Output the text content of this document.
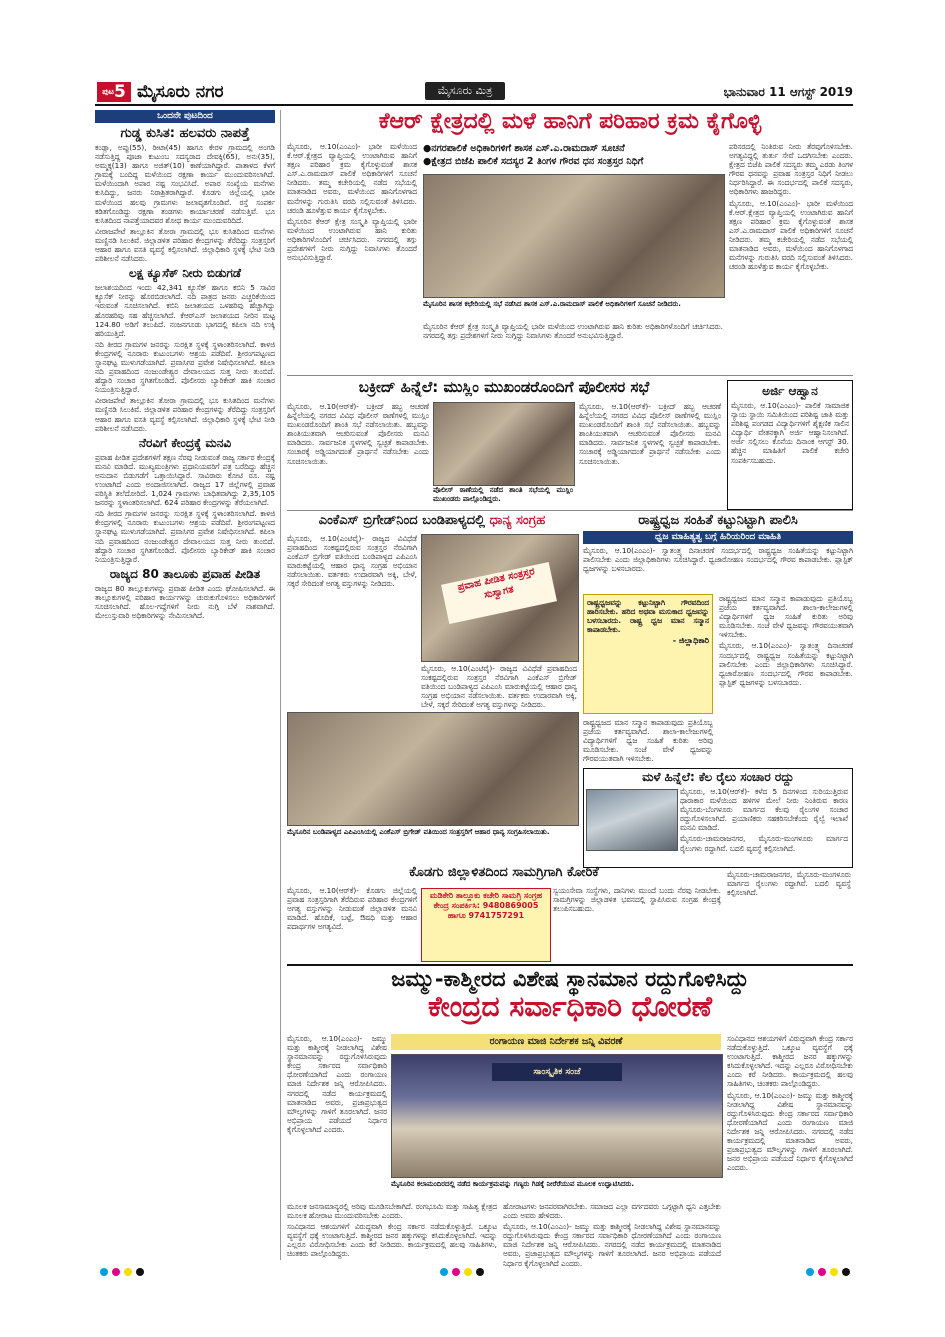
$^{ಪುಟ}$5 ಮೈಸೂರು ನಗರ	ಮೈಸೂರು ಮಿತ್ರ	ಭಾನುವಾರ 11 ಆಗಸ್ಟ್ 2019
ಒಂದನೇ ಪುಟದಿಂದ
ಗುಡ್ಡ ಕುಸಿತ: ಹಲವರು ನಾಪತ್ತೆ

ಕಂಡ್ಲಾ, ಅಪ್ಪು(55), ರೀಟಾ(45) ಹಾಗೂ ಕೇರಳ ಗ್ರಾಮದಲ್ಲಿ ಅಂಗಡಿ ನಡೆಸುತ್ತಿದ್ದ ಪೂಜಾ ಕುಟುಂಬ ಸದಸ್ಯರಾದ ದೇವಕ್ಕಿ(65), ಅನು(35), ಅಮ್ಮಕ್ಕ(13) ಹಾಗೂ ಅಜಿತ್(10) ಕಾಣೆಯಾಗಿದ್ದಾರೆ. ಪಾತಾಳದ ಕೆಳಗೆ ಗ್ರಾಮಕ್ಕೆ ಬಂದಿದ್ದ ಮಳೆಯಿಂದ ರಕ್ಷಣಾ ಕಾರ್ಯ ಮುಂದುವರಿಸಲಾಗಿದೆ. ಮಳೆಯಿಂದಾಗಿ ಅಪಾರ ನಷ್ಟ ಸಂಭವಿಸಿದೆ. ಅಪಾರ ಸಂಖ್ಯೆಯ ಮನೆಗಳು ಕುಸಿದಿದ್ದು, ಜನರು ನಿರಾಶ್ರಿತರಾಗಿದ್ದಾರೆ. ಕೊಡಗು ಜಿಲ್ಲೆಯಲ್ಲಿ ಭಾರೀ ಮಳೆಯಿಂದ ಹಲವು ಗ್ರಾಮಗಳು ಜಲಾವೃತಗೊಂಡಿವೆ. ರಸ್ತೆ ಸಂಪರ್ಕ ಕಡಿತಗೊಂಡಿದ್ದು ರಕ್ಷಣಾ ತಂಡಗಳು ಕಾರ್ಯಾಚರಣೆ ನಡೆಸುತ್ತಿವೆ. ಭೂ ಕುಸಿತದಿಂದ ನಾಪತ್ತೆಯಾದವರ ಶೋಧ ಕಾರ್ಯ ಮುಂದುವರಿದಿದೆ.

ವೀರಾಜಪೇಟೆ ತಾಲ್ಲೂಕಿನ ತೋರಾ ಗ್ರಾಮದಲ್ಲಿ ಭೂ ಕುಸಿತದಿಂದ ಮನೆಗಳು ಮಣ್ಣಿನಡಿ ಸಿಲುಕಿವೆ. ಜಿಲ್ಲಾಡಳಿತ ಪರಿಹಾರ ಕೇಂದ್ರಗಳನ್ನು ತೆರೆದಿದ್ದು ಸಂತ್ರಸ್ತರಿಗೆ ಆಹಾರ ಹಾಗೂ ವಸತಿ ವ್ಯವಸ್ಥೆ ಕಲ್ಪಿಸಲಾಗಿದೆ. ಜಿಲ್ಲಾಧಿಕಾರಿ ಸ್ಥಳಕ್ಕೆ ಭೇಟಿ ನೀಡಿ ಪರಿಶೀಲನೆ ನಡೆಸಿದರು.

ಲಕ್ಷ ಕ್ಯೂಸೆಕ್ ನೀರು ಬಿಡುಗಡೆ

ಜಲಾಶಯದಿಂದ ಇಂದು 42,341 ಕ್ಯೂಸೆಕ್ ಹಾಗೂ ಕಬಿನಿ 5 ಸಾವಿರ ಕ್ಯೂಸೆಕ್ ನೀರನ್ನು ಹೊರಬಿಡಲಾಗಿದೆ. ನದಿ ಪಾತ್ರದ ಜನರು ಎಚ್ಚರಿಕೆಯಿಂದ ಇರುವಂತೆ ಸೂಚಿಸಲಾಗಿದೆ. ಕಬಿನಿ ಜಲಾಶಯದ ಒಳಹರಿವು ಹೆಚ್ಚಾಗಿದ್ದು ಹೊರಹರಿವು ಸಹ ಹೆಚ್ಚಿಸಲಾಗಿದೆ. ಕೆಆರ್‌ಎಸ್ ಜಲಾಶಯದ ನೀರಿನ ಮಟ್ಟ 124.80 ಅಡಿಗೆ ತಲುಪಿದೆ. ನಂಜನಗೂಡು ಭಾಗದಲ್ಲಿ ಕಪಿಲಾ ನದಿ ಉಕ್ಕಿ ಹರಿಯುತ್ತಿದೆ.

ನದಿ ತೀರದ ಗ್ರಾಮಗಳ ಜನರನ್ನು ಸುರಕ್ಷಿತ ಸ್ಥಳಕ್ಕೆ ಸ್ಥಳಾಂತರಿಸಲಾಗಿದೆ. ಕಾಳಜಿ ಕೇಂದ್ರಗಳಲ್ಲಿ ನೂರಾರು ಕುಟುಂಬಗಳು ಆಶ್ರಯ ಪಡೆದಿವೆ. ಶ್ರೀರಂಗಪಟ್ಟಣದ ಸ್ನಾನಘಟ್ಟ ಮುಳುಗಡೆಯಾಗಿದೆ. ಪ್ರವಾಸಿಗರ ಪ್ರವೇಶ ನಿಷೇಧಿಸಲಾಗಿದೆ. ಕಪಿಲಾ ನದಿ ಪ್ರವಾಹದಿಂದ ನಂಜುಂಡೇಶ್ವರ ದೇವಾಲಯದ ಸುತ್ತ ನೀರು ತುಂಬಿದೆ. ಹೆದ್ದಾರಿ ಸಂಚಾರ ಸ್ಥಗಿತಗೊಂಡಿದೆ. ಪೊಲೀಸರು ಬ್ಯಾರಿಕೇಡ್ ಹಾಕಿ ಸಂಚಾರ ನಿಯಂತ್ರಿಸುತ್ತಿದ್ದಾರೆ.

ವೀರಾಜಪೇಟೆ ತಾಲ್ಲೂಕಿನ ತೋರಾ ಗ್ರಾಮದಲ್ಲಿ ಭೂ ಕುಸಿತದಿಂದ ಮನೆಗಳು ಮಣ್ಣಿನಡಿ ಸಿಲುಕಿವೆ. ಜಿಲ್ಲಾಡಳಿತ ಪರಿಹಾರ ಕೇಂದ್ರಗಳನ್ನು ತೆರೆದಿದ್ದು ಸಂತ್ರಸ್ತರಿಗೆ ಆಹಾರ ಹಾಗೂ ವಸತಿ ವ್ಯವಸ್ಥೆ ಕಲ್ಪಿಸಲಾಗಿದೆ. ಜಿಲ್ಲಾಧಿಕಾರಿ ಸ್ಥಳಕ್ಕೆ ಭೇಟಿ ನೀಡಿ ಪರಿಶೀಲನೆ ನಡೆಸಿದರು.

ನೆರವಿಗೆ ಕೇಂದ್ರಕ್ಕೆ ಮನವಿ

ಪ್ರವಾಹ ಪೀಡಿತ ಪ್ರದೇಶಗಳಿಗೆ ತಕ್ಷಣ ನೆರವು ನೀಡುವಂತೆ ರಾಜ್ಯ ಸರ್ಕಾರ ಕೇಂದ್ರಕ್ಕೆ ಮನವಿ ಮಾಡಿದೆ. ಮುಖ್ಯಮಂತ್ರಿಗಳು ಪ್ರಧಾನಿಯವರಿಗೆ ಪತ್ರ ಬರೆದಿದ್ದು ಹೆಚ್ಚಿನ ಅನುದಾನ ಬಿಡುಗಡೆಗೆ ಒತ್ತಾಯಿಸಿದ್ದಾರೆ. ಸಾವಿರಾರು ಕೋಟಿ ರೂ. ನಷ್ಟ ಉಂಟಾಗಿದೆ ಎಂದು ಅಂದಾಜಿಸಲಾಗಿದೆ. ರಾಜ್ಯದ 17 ಜಿಲ್ಲೆಗಳಲ್ಲಿ ಪ್ರವಾಹ ಪರಿಸ್ಥಿತಿ ತಲೆದೋರಿದೆ. 1,024 ಗ್ರಾಮಗಳು ಬಾಧಿತವಾಗಿದ್ದು 2,35,105 ಜನರನ್ನು ಸ್ಥಳಾಂತರಿಸಲಾಗಿದೆ. 624 ಪರಿಹಾರ ಕೇಂದ್ರಗಳನ್ನು ತೆರೆಯಲಾಗಿದೆ.

ನದಿ ತೀರದ ಗ್ರಾಮಗಳ ಜನರನ್ನು ಸುರಕ್ಷಿತ ಸ್ಥಳಕ್ಕೆ ಸ್ಥಳಾಂತರಿಸಲಾಗಿದೆ. ಕಾಳಜಿ ಕೇಂದ್ರಗಳಲ್ಲಿ ನೂರಾರು ಕುಟುಂಬಗಳು ಆಶ್ರಯ ಪಡೆದಿವೆ. ಶ್ರೀರಂಗಪಟ್ಟಣದ ಸ್ನಾನಘಟ್ಟ ಮುಳುಗಡೆಯಾಗಿದೆ. ಪ್ರವಾಸಿಗರ ಪ್ರವೇಶ ನಿಷೇಧಿಸಲಾಗಿದೆ. ಕಪಿಲಾ ನದಿ ಪ್ರವಾಹದಿಂದ ನಂಜುಂಡೇಶ್ವರ ದೇವಾಲಯದ ಸುತ್ತ ನೀರು ತುಂಬಿದೆ. ಹೆದ್ದಾರಿ ಸಂಚಾರ ಸ್ಥಗಿತಗೊಂಡಿದೆ. ಪೊಲೀಸರು ಬ್ಯಾರಿಕೇಡ್ ಹಾಕಿ ಸಂಚಾರ ನಿಯಂತ್ರಿಸುತ್ತಿದ್ದಾರೆ.

ರಾಜ್ಯದ 80 ತಾಲೂಕು ಪ್ರವಾಹ ಪೀಡಿತ

ರಾಜ್ಯದ 80 ತಾಲ್ಲೂಕುಗಳನ್ನು ಪ್ರವಾಹ ಪೀಡಿತ ಎಂದು ಘೋಷಿಸಲಾಗಿದೆ. ಈ ತಾಲ್ಲೂಕುಗಳಲ್ಲಿ ಪರಿಹಾರ ಕಾರ್ಯಗಳನ್ನು ಚುರುಕುಗೊಳಿಸಲು ಅಧಿಕಾರಿಗಳಿಗೆ ಸೂಚಿಸಲಾಗಿದೆ. ಹೊಲ-ಗದ್ದೆಗಳಿಗೆ ನೀರು ನುಗ್ಗಿ ಬೆಳೆ ನಾಶವಾಗಿದೆ. ಮೇಲುಸ್ತುವಾರಿ ಅಧಿಕಾರಿಗಳನ್ನು ನೇಮಿಸಲಾಗಿದೆ.

ಕೆಆರ್ ಕ್ಷೇತ್ರದಲ್ಲಿ ಮಳೆ ಹಾನಿಗೆ ಪರಿಹಾರ ಕ್ರಮ ಕೈಗೊಳ್ಳಿ

ಮೈಸೂರು, ಆ.10(ಎಂಎಂ)- ಭಾರೀ ಮಳೆಯಿಂದ ಕೆ.ಆರ್.ಕ್ಷೇತ್ರದ ವ್ಯಾಪ್ತಿಯಲ್ಲಿ ಉಂಟಾಗಿರುವ ಹಾನಿಗೆ ತಕ್ಷಣ ಪರಿಹಾರ ಕ್ರಮ ಕೈಗೊಳ್ಳುವಂತೆ ಶಾಸಕ ಎಸ್.ಎ.ರಾಮದಾಸ್ ಪಾಲಿಕೆ ಅಧಿಕಾರಿಗಳಿಗೆ ಸೂಚನೆ ನೀಡಿದರು. ತಮ್ಮ ಕಚೇರಿಯಲ್ಲಿ ನಡೆದ ಸಭೆಯಲ್ಲಿ ಮಾತನಾಡಿದ ಅವರು, ಮಳೆಯಿಂದ ಹಾನಿಗೊಳಗಾದ ಮನೆಗಳನ್ನು ಗುರುತಿಸಿ ವರದಿ ಸಲ್ಲಿಸುವಂತೆ ತಿಳಿಸಿದರು. ಚರಂಡಿ ಹೂಳೆತ್ತುವ ಕಾರ್ಯ ಕೈಗೊಳ್ಳಬೇಕು.

ಮೈಸೂರಿನ ಕೆಆರ್ ಕ್ಷೇತ್ರ ಸಂಸ್ಕೃತಿ ವ್ಯಾಪ್ತಿಯಲ್ಲಿ ಭಾರೀ ಮಳೆಯಿಂದ ಉಂಟಾಗಿರುವ ಹಾನಿ ಕುರಿತು ಅಧಿಕಾರಿಗಳೊಂದಿಗೆ ಚರ್ಚಿಸಿದರು. ನಗರದಲ್ಲಿ ತಗ್ಗು ಪ್ರದೇಶಗಳಿಗೆ ನೀರು ನುಗ್ಗಿದ್ದು ನಿವಾಸಿಗಳು ತೊಂದರೆ ಅನುಭವಿಸುತ್ತಿದ್ದಾರೆ.

●ನಗರಪಾಲಿಕೆ ಅಧಿಕಾರಿಗಳಿಗೆ ಶಾಸಕ ಎಸ್.ಎ.ರಾಮದಾಸ್ ಸೂಚನೆ
●ಕ್ಷೇತ್ರದ ಬಿಜೆಪಿ ಪಾಲಿಕೆ ಸದಸ್ಯರ 2 ತಿಂಗಳ ಗೌರವ ಧನ ಸಂತ್ರಸ್ತರ ನಿಧಿಗೆ
ಮೈಸೂರಿನ ಶಾಸಕ ಕಛೇರಿಯಲ್ಲಿ ಸಭೆ ನಡೆಸಿದ ಶಾಸಕ ಎಸ್.ಎ.ರಾಮದಾಸ್ ಪಾಲಿಕೆ ಅಧಿಕಾರಿಗಳಿಗೆ ಸೂಚನೆ ನೀಡಿದರು.

ಮೈಸೂರಿನ ಕೆಆರ್ ಕ್ಷೇತ್ರ ಸಂಸ್ಕೃತಿ ವ್ಯಾಪ್ತಿಯಲ್ಲಿ ಭಾರೀ ಮಳೆಯಿಂದ ಉಂಟಾಗಿರುವ ಹಾನಿ ಕುರಿತು ಅಧಿಕಾರಿಗಳೊಂದಿಗೆ ಚರ್ಚಿಸಿದರು. ನಗರದಲ್ಲಿ ತಗ್ಗು ಪ್ರದೇಶಗಳಿಗೆ ನೀರು ನುಗ್ಗಿದ್ದು ನಿವಾಸಿಗಳು ತೊಂದರೆ ಅನುಭವಿಸುತ್ತಿದ್ದಾರೆ.

ಪರಿಸರದಲ್ಲಿ ನಿಂತಿರುವ ನೀರು ತೆರವುಗೊಳಿಸಬೇಕು. ಅಗತ್ಯವಿದ್ದಲ್ಲಿ ತುರ್ತು ಸೇವೆ ಒದಗಿಸಬೇಕು ಎಂದರು. ಕ್ಷೇತ್ರದ ಬಿಜೆಪಿ ಪಾಲಿಕೆ ಸದಸ್ಯರು ತಮ್ಮ ಎರಡು ತಿಂಗಳ ಗೌರವ ಧನವನ್ನು ಪ್ರವಾಹ ಸಂತ್ರಸ್ತರ ನಿಧಿಗೆ ನೀಡಲು ನಿರ್ಧರಿಸಿದ್ದಾರೆ. ಈ ಸಂದರ್ಭದಲ್ಲಿ ಪಾಲಿಕೆ ಸದಸ್ಯರು, ಅಧಿಕಾರಿಗಳು ಹಾಜರಿದ್ದರು.

ಮೈಸೂರು, ಆ.10(ಎಂಎಂ)- ಭಾರೀ ಮಳೆಯಿಂದ ಕೆ.ಆರ್.ಕ್ಷೇತ್ರದ ವ್ಯಾಪ್ತಿಯಲ್ಲಿ ಉಂಟಾಗಿರುವ ಹಾನಿಗೆ ತಕ್ಷಣ ಪರಿಹಾರ ಕ್ರಮ ಕೈಗೊಳ್ಳುವಂತೆ ಶಾಸಕ ಎಸ್.ಎ.ರಾಮದಾಸ್ ಪಾಲಿಕೆ ಅಧಿಕಾರಿಗಳಿಗೆ ಸೂಚನೆ ನೀಡಿದರು. ತಮ್ಮ ಕಚೇರಿಯಲ್ಲಿ ನಡೆದ ಸಭೆಯಲ್ಲಿ ಮಾತನಾಡಿದ ಅವರು, ಮಳೆಯಿಂದ ಹಾನಿಗೊಳಗಾದ ಮನೆಗಳನ್ನು ಗುರುತಿಸಿ ವರದಿ ಸಲ್ಲಿಸುವಂತೆ ತಿಳಿಸಿದರು. ಚರಂಡಿ ಹೂಳೆತ್ತುವ ಕಾರ್ಯ ಕೈಗೊಳ್ಳಬೇಕು.

ಅರ್ಜಿ ಆಹ್ವಾನ

ಮೈಸೂರು, ಆ.10(ಎಂಎಂ)- ಪಾಲಿಕೆ ಸಾಮಾಜಿಕ ನ್ಯಾಯ ಸ್ಥಾಯಿ ಸಮಿತಿಯಿಂದ ಪರಿಶಿಷ್ಟ ಜಾತಿ ಮತ್ತು ಪರಿಶಿಷ್ಟ ಪಂಗಡದ ವಿದ್ಯಾರ್ಥಿಗಳಿಗೆ ಶೈಕ್ಷಣಿಕ ಸಾಲಿನ ವಿದ್ಯಾರ್ಥಿ ವೇತನಕ್ಕಾಗಿ ಅರ್ಜಿ ಆಹ್ವಾನಿಸಲಾಗಿದೆ. ಅರ್ಜಿ ಸಲ್ಲಿಸಲು ಕೊನೆಯ ದಿನಾಂಕ ಆಗಸ್ಟ್ 30. ಹೆಚ್ಚಿನ ಮಾಹಿತಿಗೆ ಪಾಲಿಕೆ ಕಚೇರಿ ಸಂಪರ್ಕಿಸಬಹುದು.

ಬಕ್ರೀದ್ ಹಿನ್ನೆಲೆ: ಮುಸ್ಲಿಂ ಮುಖಂಡರೊಂದಿಗೆ ಪೊಲೀಸರ ಸಭೆ

ಮೈಸೂರು, ಆ.10(ಆರ್‌ಕೆ)- ಬಕ್ರೀದ್ ಹಬ್ಬ ಆಚರಣೆ ಹಿನ್ನೆಲೆಯಲ್ಲಿ ನಗರದ ವಿವಿಧ ಪೊಲೀಸ್ ಠಾಣೆಗಳಲ್ಲಿ ಮುಸ್ಲಿಂ ಮುಖಂಡರೊಂದಿಗೆ ಶಾಂತಿ ಸಭೆ ನಡೆಸಲಾಯಿತು. ಹಬ್ಬವನ್ನು ಶಾಂತಿಯುತವಾಗಿ ಆಚರಿಸುವಂತೆ ಪೊಲೀಸರು ಮನವಿ ಮಾಡಿದರು. ಸಾರ್ವಜನಿಕ ಸ್ಥಳಗಳಲ್ಲಿ ಸ್ವಚ್ಛತೆ ಕಾಪಾಡಬೇಕು. ಸಂಚಾರಕ್ಕೆ ಅಡ್ಡಿಯಾಗದಂತೆ ಪ್ರಾರ್ಥನೆ ನಡೆಸಬೇಕು ಎಂದು ಸೂಚಿಸಲಾಯಿತು.

ಪೊಲೀಸ್ ಠಾಣೆಯಲ್ಲಿ ನಡೆದ ಶಾಂತಿ ಸಭೆಯಲ್ಲಿ ಮುಸ್ಲಿಂ ಮುಖಂಡರು ಪಾಲ್ಗೊಂಡಿದ್ದರು.

ಮೈಸೂರು, ಆ.10(ಆರ್‌ಕೆ)- ಬಕ್ರೀದ್ ಹಬ್ಬ ಆಚರಣೆ ಹಿನ್ನೆಲೆಯಲ್ಲಿ ನಗರದ ವಿವಿಧ ಪೊಲೀಸ್ ಠಾಣೆಗಳಲ್ಲಿ ಮುಸ್ಲಿಂ ಮುಖಂಡರೊಂದಿಗೆ ಶಾಂತಿ ಸಭೆ ನಡೆಸಲಾಯಿತು. ಹಬ್ಬವನ್ನು ಶಾಂತಿಯುತವಾಗಿ ಆಚರಿಸುವಂತೆ ಪೊಲೀಸರು ಮನವಿ ಮಾಡಿದರು. ಸಾರ್ವಜನಿಕ ಸ್ಥಳಗಳಲ್ಲಿ ಸ್ವಚ್ಛತೆ ಕಾಪಾಡಬೇಕು. ಸಂಚಾರಕ್ಕೆ ಅಡ್ಡಿಯಾಗದಂತೆ ಪ್ರಾರ್ಥನೆ ನಡೆಸಬೇಕು ಎಂದು ಸೂಚಿಸಲಾಯಿತು.

ಎಂಕೆಎಸ್ ಬ್ರಿಗೇಡ್‌ನಿಂದ ಬಂಡಿಪಾಳ್ಯದಲ್ಲಿ ಧಾನ್ಯ ಸಂಗ್ರಹ

ಮೈಸೂರು, ಆ.10(ಎಂಟಿವೈ)- ರಾಜ್ಯದ ವಿವಿಧೆಡೆ ಪ್ರವಾಹದಿಂದ ಸಂಕಷ್ಟದಲ್ಲಿರುವ ಸಂತ್ರಸ್ತರ ನೆರವಿಗಾಗಿ ಎಂಕೆಎಸ್ ಬ್ರಿಗೇಡ್ ವತಿಯಿಂದ ಬಂಡಿಪಾಳ್ಯದ ಎಪಿಎಂಸಿ ಮಾರುಕಟ್ಟೆಯಲ್ಲಿ ಆಹಾರ ಧಾನ್ಯ ಸಂಗ್ರಹ ಅಭಿಯಾನ ನಡೆಸಲಾಯಿತು. ವರ್ತಕರು ಉದಾರವಾಗಿ ಅಕ್ಕಿ, ಬೇಳೆ, ಸಕ್ಕರೆ ಸೇರಿದಂತೆ ಅಗತ್ಯ ವಸ್ತುಗಳನ್ನು ನೀಡಿದರು.	ಪ್ರವಾಹ ಪೀಡಿತ ಸಂತ್ರಸ್ತರ ಸುಸ್ವಾಗತ

ಮೈಸೂರು, ಆ.10(ಎಂಟಿವೈ)- ರಾಜ್ಯದ ವಿವಿಧೆಡೆ ಪ್ರವಾಹದಿಂದ ಸಂಕಷ್ಟದಲ್ಲಿರುವ ಸಂತ್ರಸ್ತರ ನೆರವಿಗಾಗಿ ಎಂಕೆಎಸ್ ಬ್ರಿಗೇಡ್ ವತಿಯಿಂದ ಬಂಡಿಪಾಳ್ಯದ ಎಪಿಎಂಸಿ ಮಾರುಕಟ್ಟೆಯಲ್ಲಿ ಆಹಾರ ಧಾನ್ಯ ಸಂಗ್ರಹ ಅಭಿಯಾನ ನಡೆಸಲಾಯಿತು. ವರ್ತಕರು ಉದಾರವಾಗಿ ಅಕ್ಕಿ, ಬೇಳೆ, ಸಕ್ಕರೆ ಸೇರಿದಂತೆ ಅಗತ್ಯ ವಸ್ತುಗಳನ್ನು ನೀಡಿದರು.

ಮೈಸೂರಿನ ಬಂಡಿಪಾಳ್ಯದ ಎಪಿಎಂಸಿಯಲ್ಲಿ ಎಂಕೆಎಸ್ ಬ್ರಿಗೇಡ್ ವತಿಯಿಂದ ಸಂತ್ರಸ್ತರಿಗೆ ಆಹಾರ ಧಾನ್ಯ ಸಂಗ್ರಹಿಸಲಾಯಿತು.
ರಾಷ್ಟ್ರಧ್ವಜ ಸಂಹಿತೆ ಕಟ್ಟುನಿಟ್ಟಾಗಿ ಪಾಲಿಸಿ
ಧ್ವಜ ಮಾಹಿತ್ಯತ್ವ ಬಗ್ಗೆ ಹಿರಿಯರಿಂದ ಮಾಹಿತಿ

ಮೈಸೂರು, ಆ.10(ಎಂಎಂ)- ಸ್ವಾತಂತ್ರ್ಯ ದಿನಾಚರಣೆ ಸಂದರ್ಭದಲ್ಲಿ ರಾಷ್ಟ್ರಧ್ವಜ ಸಂಹಿತೆಯನ್ನು ಕಟ್ಟುನಿಟ್ಟಾಗಿ ಪಾಲಿಸಬೇಕು ಎಂದು ಜಿಲ್ಲಾಧಿಕಾರಿಗಳು ಸೂಚಿಸಿದ್ದಾರೆ. ಧ್ವಜಾರೋಹಣ ಸಂದರ್ಭದಲ್ಲಿ ಗೌರವ ಕಾಪಾಡಬೇಕು. ಪ್ಲಾಸ್ಟಿಕ್ ಧ್ವಜಗಳನ್ನು ಬಳಸಬಾರದು.

ರಾಷ್ಟ್ರಧ್ವಜವನ್ನು ಕಟ್ಟುನಿಟ್ಟಾಗಿ ಗೌರವದಿಂದ ಹಾರಿಸಬೇಕು. ಹರಿದ ಅಥವಾ ಮಸುಕಾದ ಧ್ವಜವನ್ನು ಬಳಸಬಾರದು. ರಾಷ್ಟ್ರ ಧ್ವಜ ಮಾನ ಸನ್ಮಾನ ಕಾಪಾಡಬೇಕು.

- ಜಿಲ್ಲಾಧಿಕಾರಿ

ರಾಷ್ಟ್ರಧ್ವಜದ ಮಾನ ಸನ್ಮಾನ ಕಾಪಾಡುವುದು ಪ್ರತಿಯೊಬ್ಬ ಪ್ರಜೆಯ ಕರ್ತವ್ಯವಾಗಿದೆ. ಶಾಲಾ-ಕಾಲೇಜುಗಳಲ್ಲಿ ವಿದ್ಯಾರ್ಥಿಗಳಿಗೆ ಧ್ವಜ ಸಂಹಿತೆ ಕುರಿತು ಅರಿವು ಮೂಡಿಸಬೇಕು. ಸಂಜೆ ವೇಳೆ ಧ್ವಜವನ್ನು ಗೌರವಯುತವಾಗಿ ಇಳಿಸಬೇಕು.

ಮೈಸೂರು, ಆ.10(ಎಂಎಂ)- ಸ್ವಾತಂತ್ರ್ಯ ದಿನಾಚರಣೆ ಸಂದರ್ಭದಲ್ಲಿ ರಾಷ್ಟ್ರಧ್ವಜ ಸಂಹಿತೆಯನ್ನು ಕಟ್ಟುನಿಟ್ಟಾಗಿ ಪಾಲಿಸಬೇಕು ಎಂದು ಜಿಲ್ಲಾಧಿಕಾರಿಗಳು ಸೂಚಿಸಿದ್ದಾರೆ. ಧ್ವಜಾರೋಹಣ ಸಂದರ್ಭದಲ್ಲಿ ಗೌರವ ಕಾಪಾಡಬೇಕು. ಪ್ಲಾಸ್ಟಿಕ್ ಧ್ವಜಗಳನ್ನು ಬಳಸಬಾರದು.

ರಾಷ್ಟ್ರಧ್ವಜದ ಮಾನ ಸನ್ಮಾನ ಕಾಪಾಡುವುದು ಪ್ರತಿಯೊಬ್ಬ ಪ್ರಜೆಯ ಕರ್ತವ್ಯವಾಗಿದೆ. ಶಾಲಾ-ಕಾಲೇಜುಗಳಲ್ಲಿ ವಿದ್ಯಾರ್ಥಿಗಳಿಗೆ ಧ್ವಜ ಸಂಹಿತೆ ಕುರಿತು ಅರಿವು ಮೂಡಿಸಬೇಕು. ಸಂಜೆ ವೇಳೆ ಧ್ವಜವನ್ನು ಗೌರವಯುತವಾಗಿ ಇಳಿಸಬೇಕು.

ಮಳೆ ಹಿನ್ನೆಲೆ: ಕೆಲ ರೈಲು ಸಂಚಾರ ರದ್ದು

ಮೈಸೂರು, ಆ.10(ಆರ್‌ಕೆ)- ಕಳೆದ 5 ದಿನಗಳಿಂದ ಸುರಿಯುತ್ತಿರುವ ಧಾರಾಕಾರ ಮಳೆಯಿಂದ ಹಳಿಗಳ ಮೇಲೆ ನೀರು ನಿಂತಿರುವ ಕಾರಣ ಮೈಸೂರು-ಬೆಂಗಳೂರು ಮಾರ್ಗದ ಕೆಲವು ರೈಲುಗಳ ಸಂಚಾರ ರದ್ದುಗೊಳಿಸಲಾಗಿದೆ. ಪ್ರಯಾಣಿಕರು ಸಹಕರಿಸಬೇಕೆಂದು ರೈಲ್ವೆ ಇಲಾಖೆ ಮನವಿ ಮಾಡಿದೆ.

ಮೈಸೂರು-ಚಾಮರಾಜನಗರ, ಮೈಸೂರು-ಮಂಗಳೂರು ಮಾರ್ಗದ ರೈಲುಗಳು ರದ್ದಾಗಿವೆ. ಬದಲಿ ವ್ಯವಸ್ಥೆ ಕಲ್ಪಿಸಲಾಗಿದೆ.

ಕೊಡಗು ಜಿಲ್ಲಾಳಿತದಿಂದ ಸಾಮಗ್ರಿಗಾಗಿ ಕೋರಿಕೆ

ಮೈಸೂರು, ಆ.10(ಆರ್‌ಕೆ)- ಕೊಡಗು ಜಿಲ್ಲೆಯಲ್ಲಿ ಪ್ರವಾಹ ಸಂತ್ರಸ್ತರಿಗಾಗಿ ತೆರೆದಿರುವ ಪರಿಹಾರ ಕೇಂದ್ರಗಳಿಗೆ ಅಗತ್ಯ ವಸ್ತುಗಳನ್ನು ನೀಡುವಂತೆ ಜಿಲ್ಲಾಡಳಿತ ಮನವಿ ಮಾಡಿದೆ. ಹೊದಿಕೆ, ಬಟ್ಟೆ, ಔಷಧಿ ಮತ್ತು ಆಹಾರ ಪದಾರ್ಥಗಳ ಅಗತ್ಯವಿದೆ.

ಮಡಿಕೇರಿ ತಾಲ್ಲೂಕು ಕಚೇರಿ ಸಾಮಗ್ರಿ ಸಂಗ್ರಹ ಕೇಂದ್ರ ಸಂಪರ್ಕಿಸಿ: 9480869005 ಹಾಗೂ 9741757291

ಸ್ವಯಂಸೇವಾ ಸಂಸ್ಥೆಗಳು, ದಾನಿಗಳು ಮುಂದೆ ಬಂದು ನೆರವು ನೀಡಬೇಕು. ಸಾಮಗ್ರಿಗಳನ್ನು ಜಿಲ್ಲಾಡಳಿತ ಭವನದಲ್ಲಿ ಸ್ಥಾಪಿಸಿರುವ ಸಂಗ್ರಹ ಕೇಂದ್ರಕ್ಕೆ ತಲುಪಿಸಬಹುದು.

ಮೈಸೂರು-ಚಾಮರಾಜನಗರ, ಮೈಸೂರು-ಮಂಗಳೂರು ಮಾರ್ಗದ ರೈಲುಗಳು ರದ್ದಾಗಿವೆ. ಬದಲಿ ವ್ಯವಸ್ಥೆ ಕಲ್ಪಿಸಲಾಗಿದೆ.

ಜಮ್ಮು-ಕಾಶ್ಮೀರದ ವಿಶೇಷ ಸ್ಥಾನಮಾನ ರದ್ದುಗೊಳಿಸಿದ್ದು
ಕೇಂದ್ರದ ಸರ್ವಾಧಿಕಾರಿ ಧೋರಣೆ

ಮೈಸೂರು, ಆ.10(ಎಂಎಂ)- ಜಮ್ಮು ಮತ್ತು ಕಾಶ್ಮೀರಕ್ಕೆ ನೀಡಲಾಗಿದ್ದ ವಿಶೇಷ ಸ್ಥಾನಮಾನವನ್ನು ರದ್ದುಗೊಳಿಸಿರುವುದು ಕೇಂದ್ರ ಸರ್ಕಾರದ ಸರ್ವಾಧಿಕಾರಿ ಧೋರಣೆಯಾಗಿದೆ ಎಂದು ರಂಗಾಯಣ ಮಾಜಿ ನಿರ್ದೇಶಕ ಜನ್ನಿ ಆರೋಪಿಸಿದರು. ನಗರದಲ್ಲಿ ನಡೆದ ಕಾರ್ಯಕ್ರಮದಲ್ಲಿ ಮಾತನಾಡಿದ ಅವರು, ಪ್ರಜಾಪ್ರಭುತ್ವದ ಮೌಲ್ಯಗಳನ್ನು ಗಾಳಿಗೆ ತೂರಲಾಗಿದೆ. ಜನರ ಅಭಿಪ್ರಾಯ ಪಡೆಯದೆ ನಿರ್ಧಾರ ಕೈಗೊಳ್ಳಲಾಗಿದೆ ಎಂದರು.

ರಂಗಾಯಣ ಮಾಜಿ ನಿರ್ದೇಶಕ ಜನ್ನಿ ವಿವರಣೆ
ಸಾಂಸ್ಕೃತಿಕ ಸಂಜೆ
ಮೈಸೂರಿನ ಕಲಾಮಂದಿರದಲ್ಲಿ ನಡೆದ ಕಾರ್ಯಕ್ರಮವನ್ನು ಗಣ್ಯರು ಗಿಡಕ್ಕೆ ನೀರೆರೆಯುವ ಮೂಲಕ ಉದ್ಘಾಟಿಸಿದರು.

ಸಂವಿಧಾನದ ಆಶಯಗಳಿಗೆ ವಿರುದ್ಧವಾಗಿ ಕೇಂದ್ರ ಸರ್ಕಾರ ನಡೆದುಕೊಳ್ಳುತ್ತಿದೆ. ಒಕ್ಕೂಟ ವ್ಯವಸ್ಥೆಗೆ ಧಕ್ಕೆ ಉಂಟಾಗುತ್ತಿದೆ. ಕಾಶ್ಮೀರದ ಜನರ ಹಕ್ಕುಗಳನ್ನು ಕಸಿದುಕೊಳ್ಳಲಾಗಿದೆ. ಇದನ್ನು ಎಲ್ಲರೂ ವಿರೋಧಿಸಬೇಕು ಎಂದು ಕರೆ ನೀಡಿದರು. ಕಾರ್ಯಕ್ರಮದಲ್ಲಿ ಹಲವು ಸಾಹಿತಿಗಳು, ಚಿಂತಕರು ಪಾಲ್ಗೊಂಡಿದ್ದರು.

ಮೈಸೂರು, ಆ.10(ಎಂಎಂ)- ಜಮ್ಮು ಮತ್ತು ಕಾಶ್ಮೀರಕ್ಕೆ ನೀಡಲಾಗಿದ್ದ ವಿಶೇಷ ಸ್ಥಾನಮಾನವನ್ನು ರದ್ದುಗೊಳಿಸಿರುವುದು ಕೇಂದ್ರ ಸರ್ಕಾರದ ಸರ್ವಾಧಿಕಾರಿ ಧೋರಣೆಯಾಗಿದೆ ಎಂದು ರಂಗಾಯಣ ಮಾಜಿ ನಿರ್ದೇಶಕ ಜನ್ನಿ ಆರೋಪಿಸಿದರು. ನಗರದಲ್ಲಿ ನಡೆದ ಕಾರ್ಯಕ್ರಮದಲ್ಲಿ ಮಾತನಾಡಿದ ಅವರು, ಪ್ರಜಾಪ್ರಭುತ್ವದ ಮೌಲ್ಯಗಳನ್ನು ಗಾಳಿಗೆ ತೂರಲಾಗಿದೆ. ಜನರ ಅಭಿಪ್ರಾಯ ಪಡೆಯದೆ ನಿರ್ಧಾರ ಕೈಗೊಳ್ಳಲಾಗಿದೆ ಎಂದರು.

ಮೂಲಕ ಜನಸಾಮಾನ್ಯರಲ್ಲಿ ಅರಿವು ಮೂಡಿಸಬೇಕಾಗಿದೆ. ರಂಗಭೂಮಿ ಮತ್ತು ಸಾಹಿತ್ಯ ಕ್ಷೇತ್ರದ ಮೂಲಕ ಹೋರಾಟ ಮುಂದುವರಿಸಬೇಕು ಎಂದರು.

ಸಂವಿಧಾನದ ಆಶಯಗಳಿಗೆ ವಿರುದ್ಧವಾಗಿ ಕೇಂದ್ರ ಸರ್ಕಾರ ನಡೆದುಕೊಳ್ಳುತ್ತಿದೆ. ಒಕ್ಕೂಟ ವ್ಯವಸ್ಥೆಗೆ ಧಕ್ಕೆ ಉಂಟಾಗುತ್ತಿದೆ. ಕಾಶ್ಮೀರದ ಜನರ ಹಕ್ಕುಗಳನ್ನು ಕಸಿದುಕೊಳ್ಳಲಾಗಿದೆ. ಇದನ್ನು ಎಲ್ಲರೂ ವಿರೋಧಿಸಬೇಕು ಎಂದು ಕರೆ ನೀಡಿದರು. ಕಾರ್ಯಕ್ರಮದಲ್ಲಿ ಹಲವು ಸಾಹಿತಿಗಳು, ಚಿಂತಕರು ಪಾಲ್ಗೊಂಡಿದ್ದರು.

ಹೋರಾಟಗಳು ಜನಪರವಾಗಿರಬೇಕು. ಸಮಾಜದ ಎಲ್ಲಾ ವರ್ಗದವರು ಒಗ್ಗಟ್ಟಾಗಿ ಧ್ವನಿ ಎತ್ತಬೇಕು ಎಂದು ಅವರು ಹೇಳಿದರು.

ಮೈಸೂರು, ಆ.10(ಎಂಎಂ)- ಜಮ್ಮು ಮತ್ತು ಕಾಶ್ಮೀರಕ್ಕೆ ನೀಡಲಾಗಿದ್ದ ವಿಶೇಷ ಸ್ಥಾನಮಾನವನ್ನು ರದ್ದುಗೊಳಿಸಿರುವುದು ಕೇಂದ್ರ ಸರ್ಕಾರದ ಸರ್ವಾಧಿಕಾರಿ ಧೋರಣೆಯಾಗಿದೆ ಎಂದು ರಂಗಾಯಣ ಮಾಜಿ ನಿರ್ದೇಶಕ ಜನ್ನಿ ಆರೋಪಿಸಿದರು. ನಗರದಲ್ಲಿ ನಡೆದ ಕಾರ್ಯಕ್ರಮದಲ್ಲಿ ಮಾತನಾಡಿದ ಅವರು, ಪ್ರಜಾಪ್ರಭುತ್ವದ ಮೌಲ್ಯಗಳನ್ನು ಗಾಳಿಗೆ ತೂರಲಾಗಿದೆ. ಜನರ ಅಭಿಪ್ರಾಯ ಪಡೆಯದೆ ನಿರ್ಧಾರ ಕೈಗೊಳ್ಳಲಾಗಿದೆ ಎಂದರು.
